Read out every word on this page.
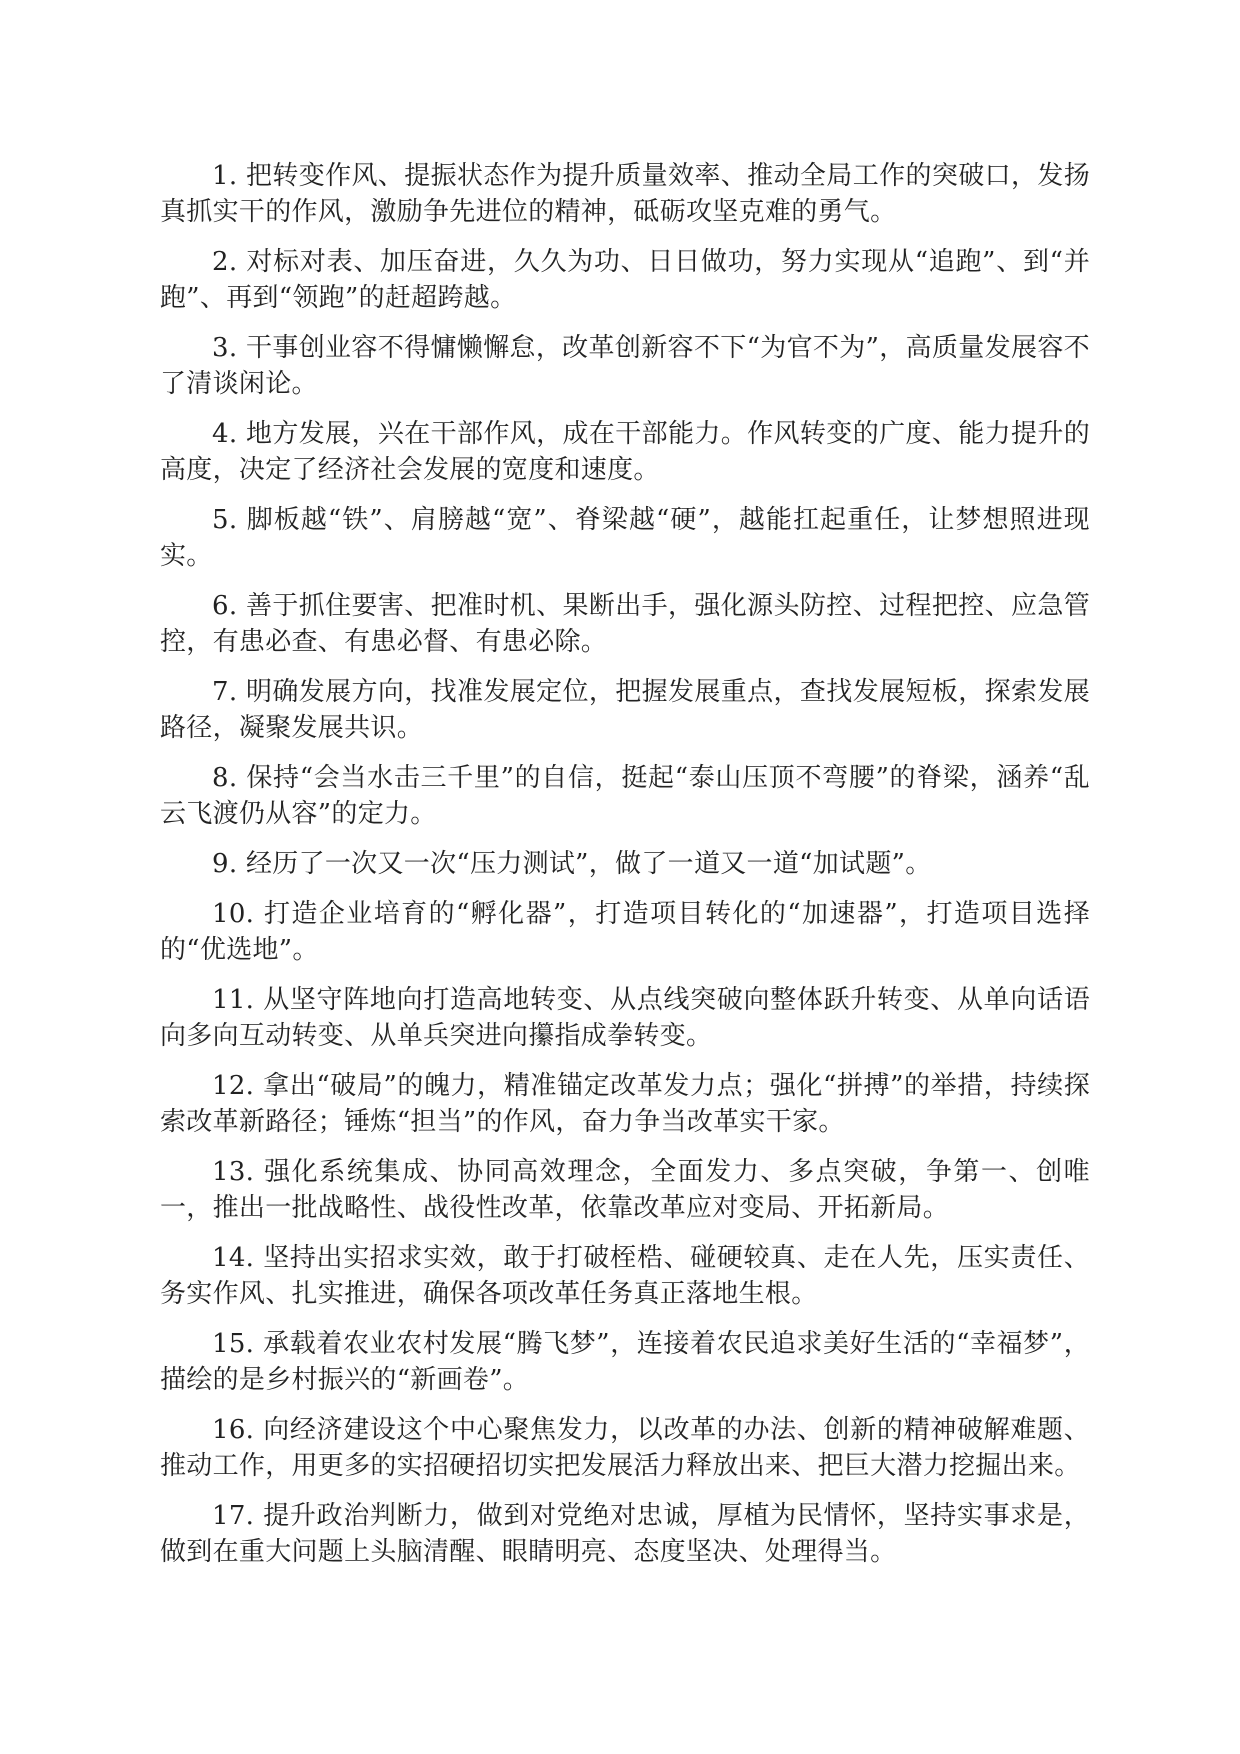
1. 把转变作风、提振状态作为提升质量效率、推动全局工作的突破口，发扬真抓实干的作风，激励争先进位的精神，砥砺攻坚克难的勇气。

2. 对标对表、加压奋进，久久为功、日日做功，努力实现从“追跑”、到“并跑”、再到“领跑”的赶超跨越。

3. 干事创业容不得慵懒懈怠，改革创新容不下“为官不为”，高质量发展容不了清谈闲论。

4. 地方发展，兴在干部作风，成在干部能力。作风转变的广度、能力提升的高度，决定了经济社会发展的宽度和速度。

5. 脚板越“铁”、肩膀越“宽”、脊梁越“硬”，越能扛起重任，让梦想照进现实。

6. 善于抓住要害、把准时机、果断出手，强化源头防控、过程把控、应急管控，有患必查、有患必督、有患必除。

7. 明确发展方向，找准发展定位，把握发展重点，查找发展短板，探索发展路径，凝聚发展共识。

8. 保持“会当水击三千里”的自信，挺起“泰山压顶不弯腰”的脊梁，涵养“乱云飞渡仍从容”的定力。

9. 经历了一次又一次“压力测试”，做了一道又一道“加试题”。

10. 打造企业培育的“孵化器”，打造项目转化的“加速器”，打造项目选择的“优选地”。

11. 从坚守阵地向打造高地转变、从点线突破向整体跃升转变、从单向话语向多向互动转变、从单兵突进向攥指成拳转变。

12. 拿出“破局”的魄力，精准锚定改革发力点；强化“拼搏”的举措，持续探索改革新路径；锤炼“担当”的作风，奋力争当改革实干家。

13. 强化系统集成、协同高效理念，全面发力、多点突破，争第一、创唯一，推出一批战略性、战役性改革，依靠改革应对变局、开拓新局。

14. 坚持出实招求实效，敢于打破桎梏、碰硬较真、走在人先，压实责任、务实作风、扎实推进，确保各项改革任务真正落地生根。

15. 承载着农业农村发展“腾飞梦”，连接着农民追求美好生活的“幸福梦”，描绘的是乡村振兴的“新画卷”。

16. 向经济建设这个中心聚焦发力，以改革的办法、创新的精神破解难题、推动工作，用更多的实招硬招切实把发展活力释放出来、把巨大潜力挖掘出来。

17. 提升政治判断力，做到对党绝对忠诚，厚植为民情怀，坚持实事求是，做到在重大问题上头脑清醒、眼睛明亮、态度坚决、处理得当。
